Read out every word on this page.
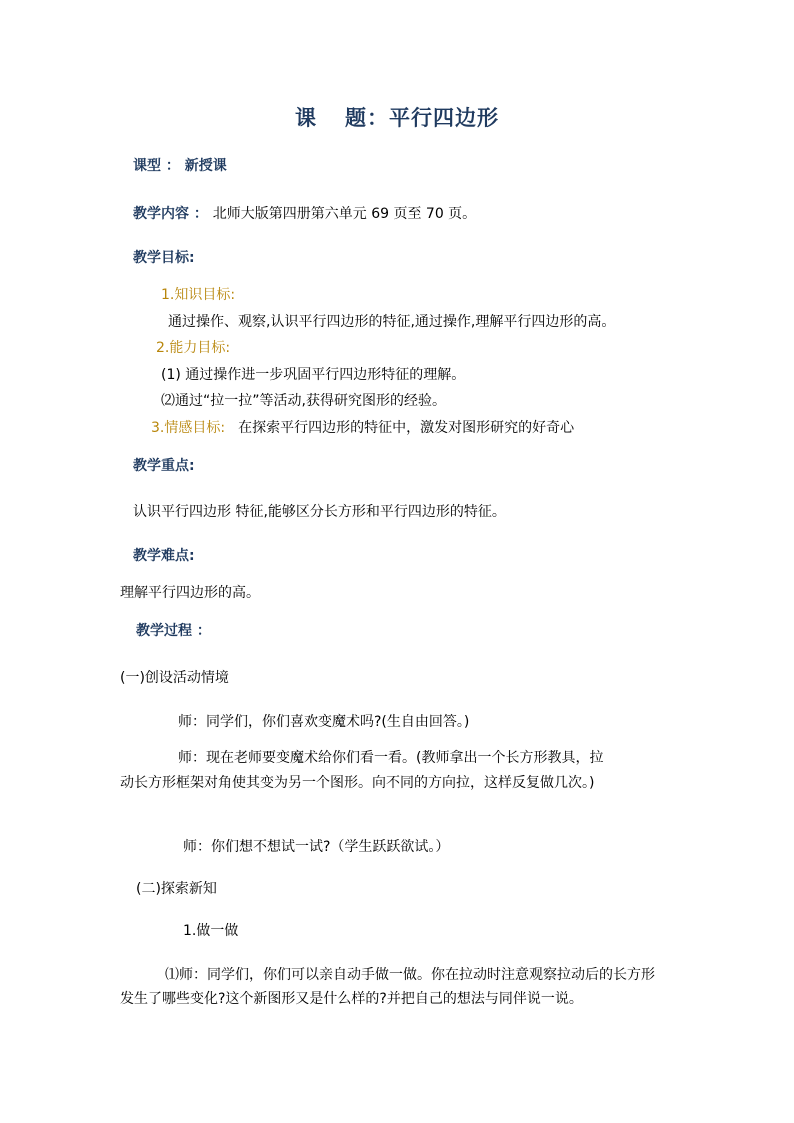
课 题：平行四边形
课型 ： 新授课
教学内容 ： 北师大版第四册第六单元 69 页至 70 页。
教学目标:
1.知识目标:
通过操作、观察,认识平行四边形的特征,通过操作,理解平行四边形的高。
2.能力目标:
(1) 通过操作进一步巩固平行四边形特征的理解。
⑵通过“拉一拉”等活动,获得研究图形的经验。
3.情感目标: 在探索平行四边形的特征中，激发对图形研究的好奇心
教学重点:
认识平行四边形 特征,能够区分长方形和平行四边形的特征。
教学难点:
理解平行四边形的高。
教学过程 ：
(一)创设活动情境
师：同学们，你们喜欢变魔术吗?(生自由回答。)
师：现在老师要变魔术给你们看一看。(教师拿出一个长方形教具，拉
动长方形框架对角使其变为另一个图形。向不同的方向拉，这样反复做几次。)
师：你们想不想试一试?（学生跃跃欲试。）
(二)探索新知
1.做一做
⑴师：同学们，你们可以亲自动手做一做。你在拉动时注意观察拉动后的长方形
发生了哪些变化?这个新图形又是什么样的?并把自己的想法与同伴说一说。
